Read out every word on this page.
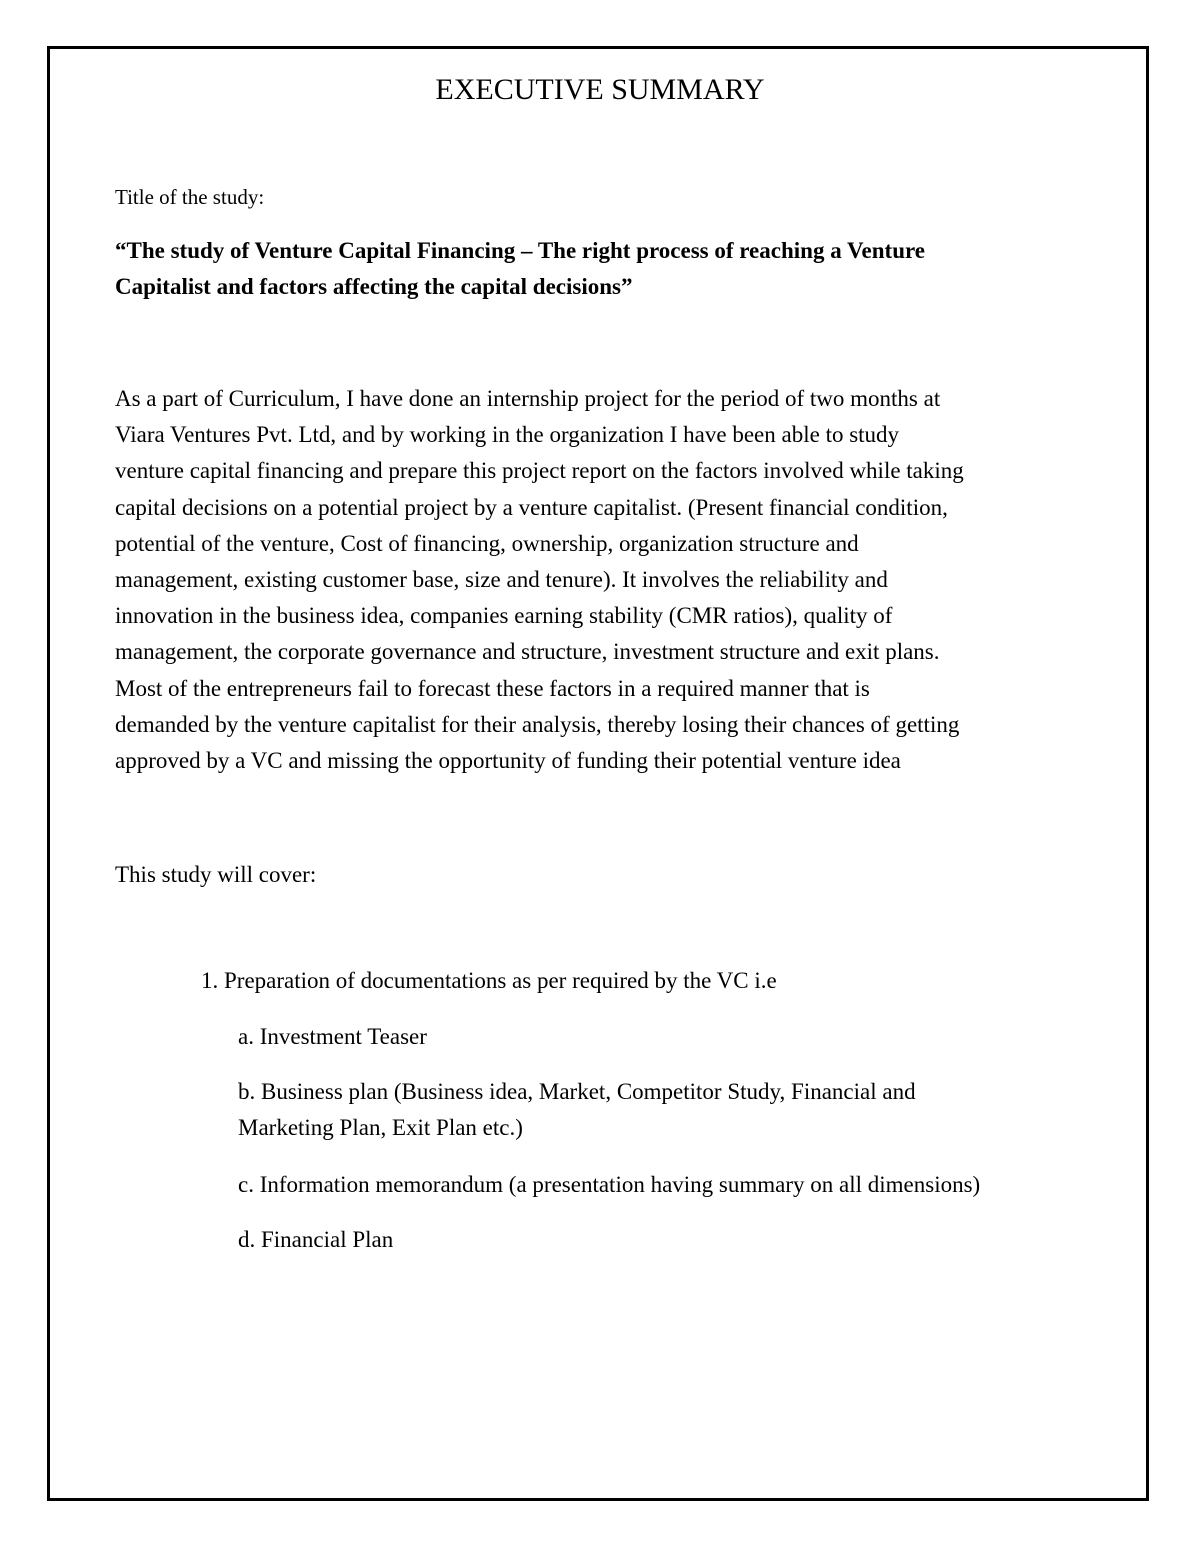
EXECUTIVE SUMMARY

Title of the study:

“The study of Venture Capital Financing – The right process of reaching a Venture
Capitalist and factors affecting the capital decisions”

As a part of Curriculum, I have done an internship project for the period of two months at
Viara Ventures Pvt. Ltd, and by working in the organization I have been able to study
venture capital financing and prepare this project report on the factors involved while taking
capital decisions on a potential project by a venture capitalist. (Present financial condition,
potential of the venture, Cost of financing, ownership, organization structure and
management, existing customer base, size and tenure). It involves the reliability and
innovation in the business idea, companies earning stability (CMR ratios), quality of
management, the corporate governance and structure, investment structure and exit plans.
Most of the entrepreneurs fail to forecast these factors in a required manner that is
demanded by the venture capitalist for their analysis, thereby losing their chances of getting
approved by a VC and missing the opportunity of funding their potential venture idea

This study will cover:

1. Preparation of documentations as per required by the VC i.e

a. Investment Teaser

b. Business plan (Business idea, Market, Competitor Study, Financial and
Marketing Plan, Exit Plan etc.)

c. Information memorandum (a presentation having summary on all dimensions)

d. Financial Plan
